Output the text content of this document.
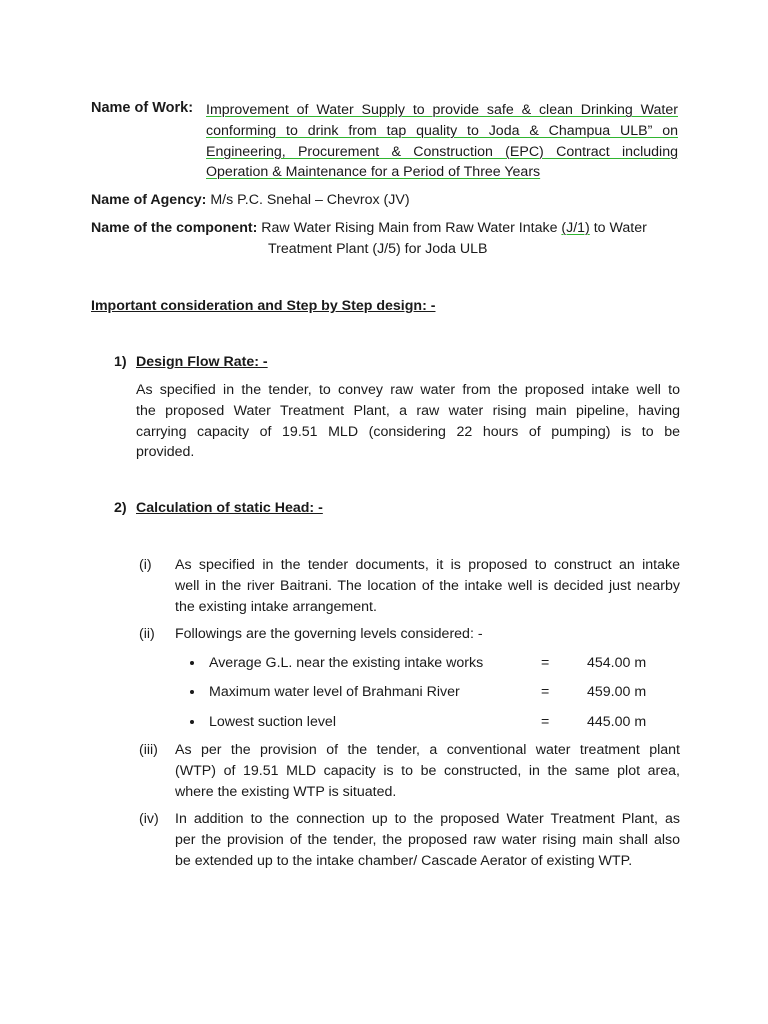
Name of Work: Improvement of Water Supply to provide safe & clean Drinking Water
conforming to drink from tap quality to Joda & Champua ULB” on
Engineering, Procurement & Construction (EPC) Contract including
Operation & Maintenance for a Period of Three Years
Name of Agency: M/s P.C. Snehal – Chevrox (JV)
Name of the component: Raw Water Rising Main from Raw Water Intake (J/1) to Water
Treatment Plant (J/5) for Joda ULB
Important consideration and Step by Step design: -
1) Design Flow Rate: -
As specified in the tender, to convey raw water from the proposed intake well to
the proposed Water Treatment Plant, a raw water rising main pipeline, having
carrying capacity of 19.51 MLD (considering 22 hours of pumping) is to be
provided.
2) Calculation of static Head: -
(i) As specified in the tender documents, it is proposed to construct an intake
well in the river Baitrani. The location of the intake well is decided just nearby
the existing intake arrangement.
(ii) Followings are the governing levels considered: -
Average G.L. near the existing intake works	=	454.00 m
Maximum water level of Brahmani River	=	459.00 m
Lowest suction level	=	445.00 m
(iii) As per the provision of the tender, a conventional water treatment plant
(WTP) of 19.51 MLD capacity is to be constructed, in the same plot area,
where the existing WTP is situated.
(iv) In addition to the connection up to the proposed Water Treatment Plant, as
per the provision of the tender, the proposed raw water rising main shall also
be extended up to the intake chamber/ Cascade Aerator of existing WTP.
